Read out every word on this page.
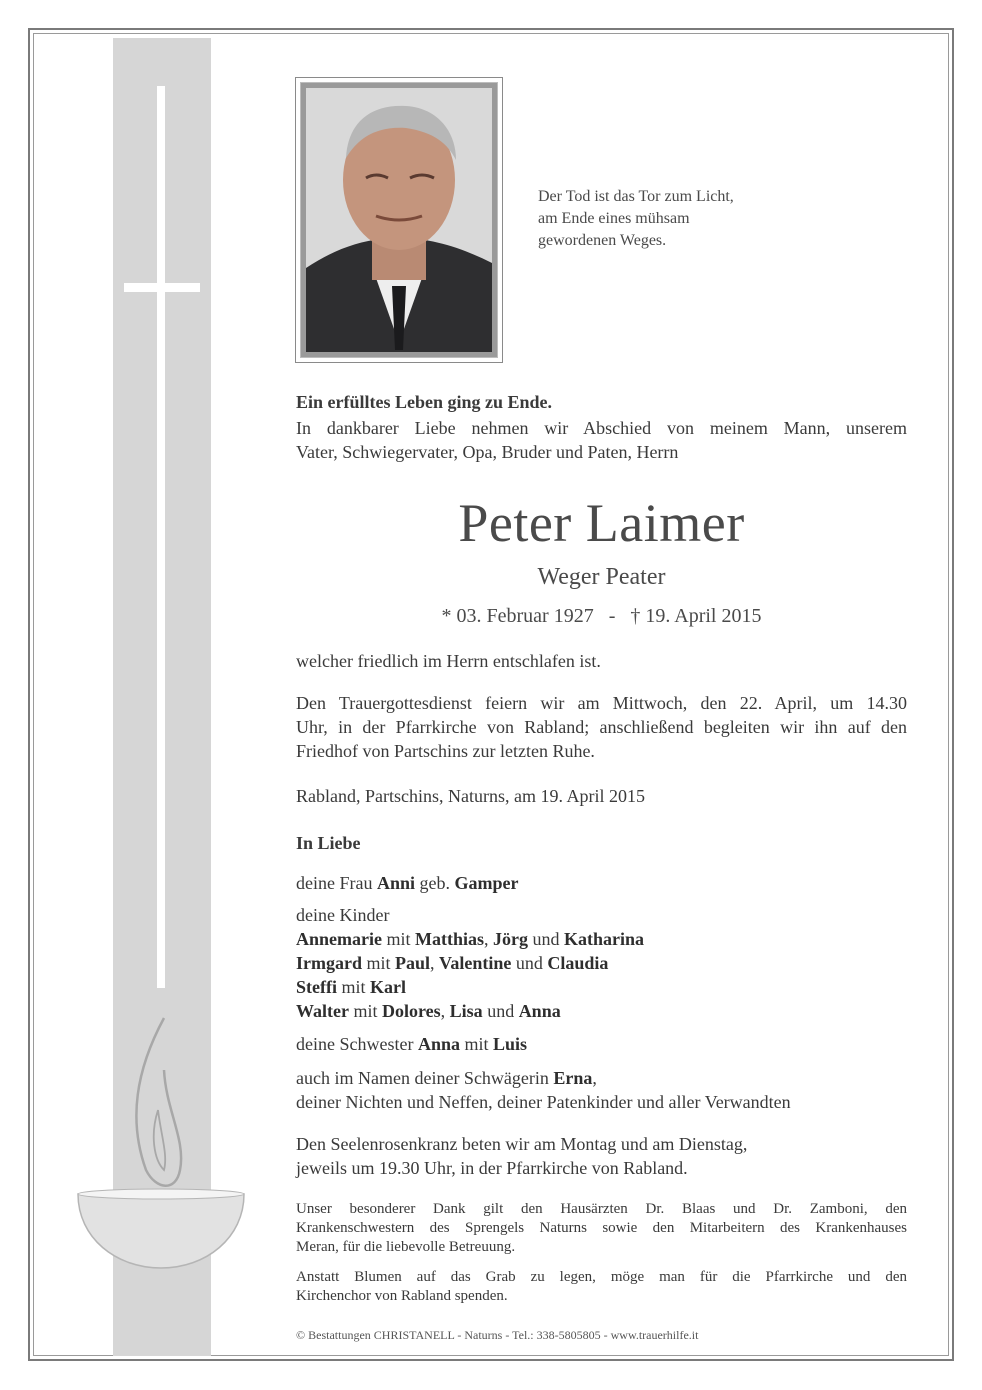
Der Tod ist das Tor zum Licht,
am Ende eines mühsam
gewordenen Weges.
Ein erfülltes Leben ging zu Ende.
In dankbarer Liebe nehmen wir Abschied von meinem Mann, unserem
Vater, Schwiegervater, Opa, Bruder und Paten, Herrn
Peter Laimer
Weger Peater
* 03. Februar 1927   -   † 19. April 2015
welcher friedlich im Herrn entschlafen ist.
Den Trauergottesdienst feiern wir am Mittwoch, den 22. April, um 14.30
Uhr, in der Pfarrkirche von Rabland; anschließend begleiten wir ihn auf den
Friedhof von Partschins zur letzten Ruhe.
Rabland, Partschins, Naturns, am 19. April 2015
In Liebe
deine Frau Anni geb. Gamper
deine Kinder
Annemarie mit Matthias, Jörg und Katharina
Irmgard mit Paul, Valentine und Claudia
Steffi mit Karl
Walter mit Dolores, Lisa und Anna
deine Schwester Anna mit Luis
auch im Namen deiner Schwägerin Erna,
deiner Nichten und Neffen, deiner Patenkinder und aller Verwandten
Den Seelenrosenkranz beten wir am Montag und am Dienstag,
jeweils um 19.30 Uhr, in der Pfarrkirche von Rabland.
Unser besonderer Dank gilt den Hausärzten Dr. Blaas und Dr. Zamboni, den
Krankenschwestern des Sprengels Naturns sowie den Mitarbeitern des Krankenhauses
Meran, für die liebevolle Betreuung.
Anstatt Blumen auf das Grab zu legen, möge man für die Pfarrkirche und den
Kirchenchor von Rabland spenden.
© Bestattungen CHRISTANELL - Naturns - Tel.: 338-5805805 - www.trauerhilfe.it
